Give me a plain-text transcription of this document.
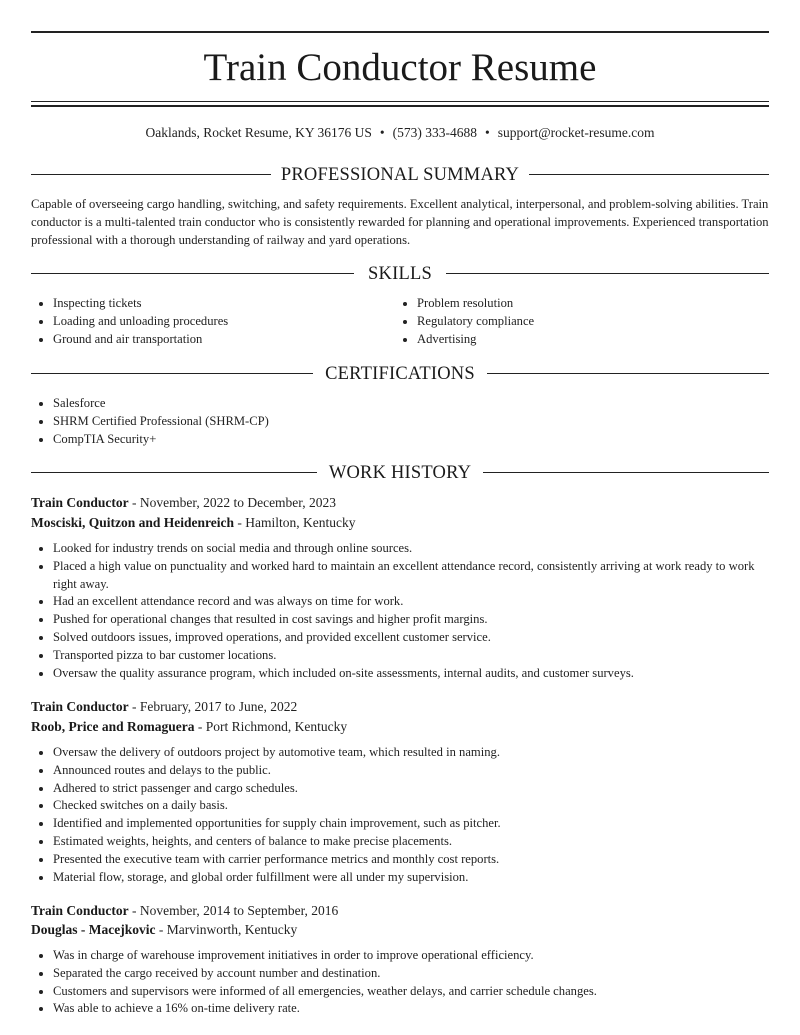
Train Conductor Resume
Oaklands, Rocket Resume, KY 36176 US • (573) 333-4688 • support@rocket-resume.com
PROFESSIONAL SUMMARY
Capable of overseeing cargo handling, switching, and safety requirements. Excellent analytical, interpersonal, and problem-solving abilities. Train conductor is a multi-talented train conductor who is consistently rewarded for planning and operational improvements. Experienced transportation professional with a thorough understanding of railway and yard operations.
SKILLS
• Inspecting tickets
• Loading and unloading procedures
• Ground and air transportation
• Problem resolution
• Regulatory compliance
• Advertising
CERTIFICATIONS
• Salesforce
• SHRM Certified Professional (SHRM-CP)
• CompTIA Security+
WORK HISTORY
Train Conductor - November, 2022 to December, 2023
Mosciski, Quitzon and Heidenreich - Hamilton, Kentucky
• Looked for industry trends on social media and through online sources.
• Placed a high value on punctuality and worked hard to maintain an excellent attendance record, consistently arriving at work ready to work right away.
• Had an excellent attendance record and was always on time for work.
• Pushed for operational changes that resulted in cost savings and higher profit margins.
• Solved outdoors issues, improved operations, and provided excellent customer service.
• Transported pizza to bar customer locations.
• Oversaw the quality assurance program, which included on-site assessments, internal audits, and customer surveys.
Train Conductor - February, 2017 to June, 2022
Roob, Price and Romaguera - Port Richmond, Kentucky
• Oversaw the delivery of outdoors project by automotive team, which resulted in naming.
• Announced routes and delays to the public.
• Adhered to strict passenger and cargo schedules.
• Checked switches on a daily basis.
• Identified and implemented opportunities for supply chain improvement, such as pitcher.
• Estimated weights, heights, and centers of balance to make precise placements.
• Presented the executive team with carrier performance metrics and monthly cost reports.
• Material flow, storage, and global order fulfillment were all under my supervision.
Train Conductor - November, 2014 to September, 2016
Douglas - Macejkovic - Marvinworth, Kentucky
• Was in charge of warehouse improvement initiatives in order to improve operational efficiency.
• Separated the cargo received by account number and destination.
• Customers and supervisors were informed of all emergencies, weather delays, and carrier schedule changes.
• Was able to achieve a 16% on-time delivery rate.
